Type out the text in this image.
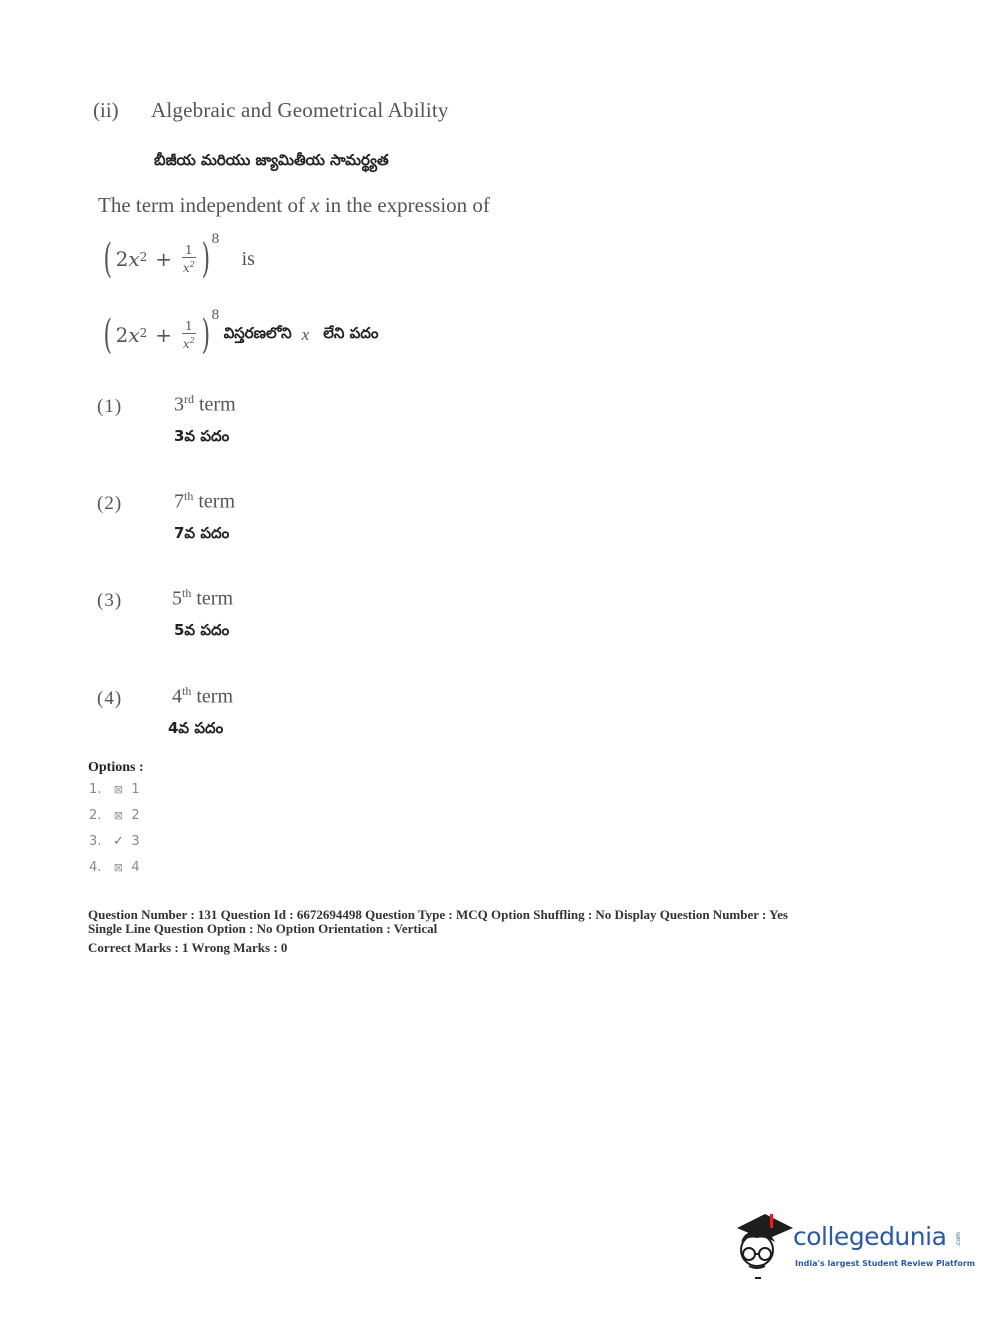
(ii) Algebraic and Geometrical Ability
బీజీయ మరియు జ్యామితీయ సామర్థ్యత
The term independent of x in the expression of
( 2 x $2 + \frac{1}{x^2}$ ) 8
is
( 2 x $2 + \frac{1}{x^2}$ ) 8
విస్తరణలోని x లేని పదం
(1)	3rd term
3వ పదం
(2)	7th term
7వ పదం
(3) 5th term
5వ పదం
(4) 4th term
4వ పదం
Options :
1.	⊠ 1
2.	⊠ 2
3. ✓ 3
4.	⊠ 4
Question Number : 131 Question Id : 6672694498 Question Type : MCQ Option Shuffling : No Display Question Number : Yes
Single Line Question Option : No Option Orientation : Vertical
Correct Marks : 1 Wrong Marks : 0
collegedunia .com
India's largest Student Review Platform
